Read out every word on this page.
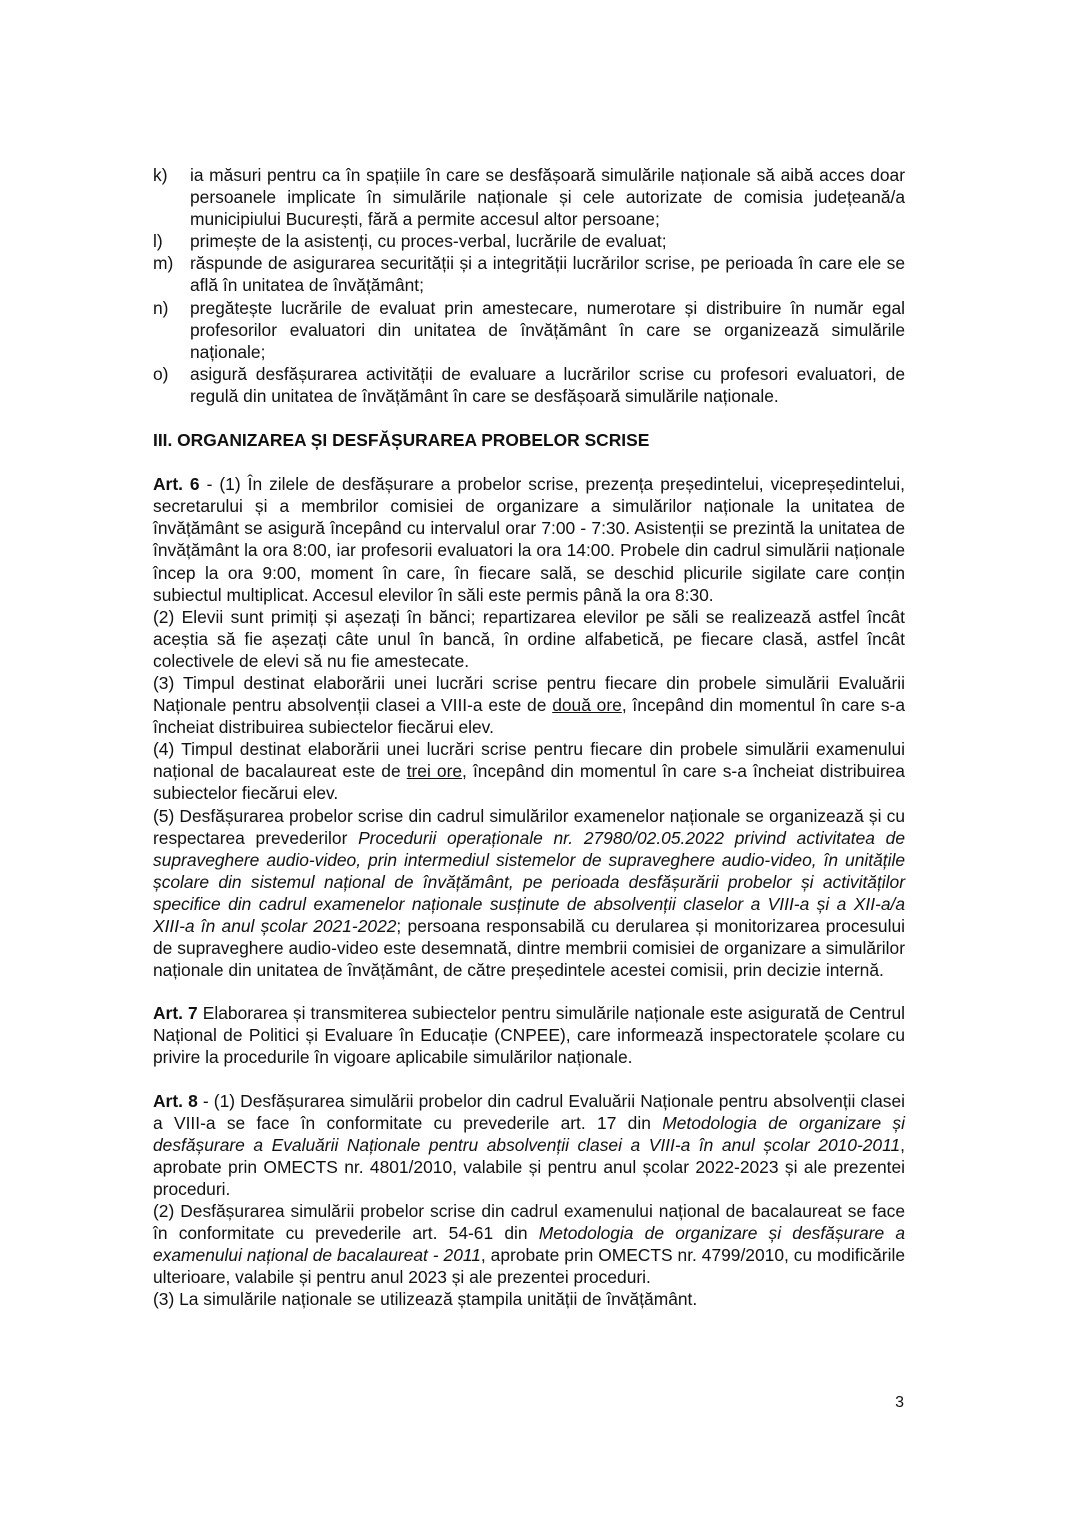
k) ia măsuri pentru ca în spațiile în care se desfășoară simulările naționale să aibă acces doar persoanele implicate în simulările naționale și cele autorizate de comisia județeană/a municipiului București, fără a permite accesul altor persoane;
l) primește de la asistenți, cu proces-verbal, lucrările de evaluat;
m) răspunde de asigurarea securității și a integrității lucrărilor scrise, pe perioada în care ele se află în unitatea de învățământ;
n) pregătește lucrările de evaluat prin amestecare, numerotare și distribuire în număr egal profesorilor evaluatori din unitatea de învățământ în care se organizează simulările naționale;
o) asigură desfășurarea activității de evaluare a lucrărilor scrise cu profesori evaluatori, de regulă din unitatea de învățământ în care se desfășoară simulările naționale.
III. ORGANIZAREA ȘI DESFĂȘURAREA PROBELOR SCRISE

Art. 6 - (1) În zilele de desfășurare a probelor scrise, prezența președintelui, vicepreședintelui, secretarului și a membrilor comisiei de organizare a simulărilor naționale la unitatea de învățământ se asigură începând cu intervalul orar 7:00 - 7:30. Asistenții se prezintă la unitatea de învățământ la ora 8:00, iar profesorii evaluatori la ora 14:00. Probele din cadrul simulării naționale încep la ora 9:00, moment în care, în fiecare sală, se deschid plicurile sigilate care conțin subiectul multiplicat. Accesul elevilor în săli este permis până la ora 8:30.

(2) Elevii sunt primiți și așezați în bănci; repartizarea elevilor pe săli se realizează astfel încât aceștia să fie așezați câte unul în bancă, în ordine alfabetică, pe fiecare clasă, astfel încât colectivele de elevi să nu fie amestecate.

(3) Timpul destinat elaborării unei lucrări scrise pentru fiecare din probele simulării Evaluării Naționale pentru absolvenții clasei a VIII-a este de două ore, începând din momentul în care s-a încheiat distribuirea subiectelor fiecărui elev.

(4) Timpul destinat elaborării unei lucrări scrise pentru fiecare din probele simulării examenului național de bacalaureat este de trei ore, începând din momentul în care s-a încheiat distribuirea subiectelor fiecărui elev.

(5) Desfășurarea probelor scrise din cadrul simulărilor examenelor naționale se organizează și cu respectarea prevederilor Procedurii operaționale nr. 27980/02.05.2022 privind activitatea de supraveghere audio-video, prin intermediul sistemelor de supraveghere audio-video, în unitățile școlare din sistemul național de învățământ, pe perioada desfășurării probelor și activităților specifice din cadrul examenelor naționale susținute de absolvenții claselor a VIII-a și a XII-a/a XIII-a în anul școlar 2021-2022; persoana responsabilă cu derularea și monitorizarea procesului de supraveghere audio-video este desemnată, dintre membrii comisiei de organizare a simulărilor naționale din unitatea de învățământ, de către președintele acestei comisii, prin decizie internă.

Art. 7 Elaborarea și transmiterea subiectelor pentru simulările naționale este asigurată de Centrul Național de Politici și Evaluare în Educație (CNPEE), care informează inspectoratele școlare cu privire la procedurile în vigoare aplicabile simulărilor naționale.

Art. 8 - (1) Desfășurarea simulării probelor din cadrul Evaluării Naționale pentru absolvenții clasei a VIII-a se face în conformitate cu prevederile art. 17 din Metodologia de organizare și desfășurare a Evaluării Naționale pentru absolvenții clasei a VIII-a în anul școlar 2010-2011, aprobate prin OMECTS nr. 4801/2010, valabile și pentru anul școlar 2022-2023 și ale prezentei proceduri.

(2) Desfășurarea simulării probelor scrise din cadrul examenului național de bacalaureat se face în conformitate cu prevederile art. 54-61 din Metodologia de organizare și desfășurare a examenului național de bacalaureat - 2011, aprobate prin OMECTS nr. 4799/2010, cu modificările ulterioare, valabile și pentru anul 2023 și ale prezentei proceduri.

(3) La simulările naționale se utilizează ștampila unității de învățământ.

3
